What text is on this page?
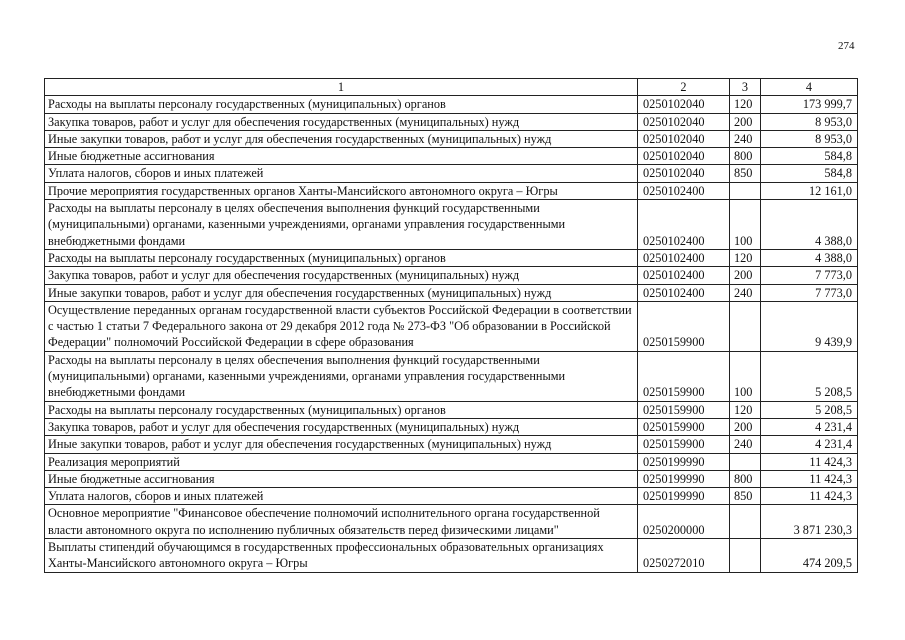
274
1	2	3	4
Расходы на выплаты персоналу государственных (муниципальных) органов	0250102040	120	173 999,7
Закупка товаров, работ и услуг для обеспечения государственных (муниципальных) нужд	0250102040	200	8 953,0
Иные закупки товаров, работ и услуг для обеспечения государственных (муниципальных) нужд	0250102040	240	8 953,0
Иные бюджетные ассигнования	0250102040	800	584,8
Уплата налогов, сборов и иных платежей	0250102040	850	584,8
Прочие мероприятия государственных органов Ханты-Мансийского автономного округа – Югры	0250102400		12 161,0
Расходы на выплаты персоналу в целях обеспечения выполнения функций государственными (муниципальными) органами, казенными учреждениями, органами управления государственными внебюджетными фондами	0250102400	100	4 388,0
Расходы на выплаты персоналу государственных (муниципальных) органов	0250102400	120	4 388,0
Закупка товаров, работ и услуг для обеспечения государственных (муниципальных) нужд	0250102400	200	7 773,0
Иные закупки товаров, работ и услуг для обеспечения государственных (муниципальных) нужд	0250102400	240	7 773,0
Осуществление переданных органам государственной власти субъектов Российской Федерации в соответствии с частью 1 статьи 7 Федерального закона от 29 декабря 2012 года № 273-ФЗ "Об образовании в Российской Федерации" полномочий Российской Федерации в сфере образования	0250159900		9 439,9
Расходы на выплаты персоналу в целях обеспечения выполнения функций государственными (муниципальными) органами, казенными учреждениями, органами управления государственными внебюджетными фондами	0250159900	100	5 208,5
Расходы на выплаты персоналу государственных (муниципальных) органов	0250159900	120	5 208,5
Закупка товаров, работ и услуг для обеспечения государственных (муниципальных) нужд	0250159900	200	4 231,4
Иные закупки товаров, работ и услуг для обеспечения государственных (муниципальных) нужд	0250159900	240	4 231,4
Реализация мероприятий	0250199990		11 424,3
Иные бюджетные ассигнования	0250199990	800	11 424,3
Уплата налогов, сборов и иных платежей	0250199990	850	11 424,3
Основное мероприятие "Финансовое обеспечение полномочий исполнительного органа государственной власти автономного округа по исполнению публичных обязательств перед физическими лицами"	0250200000		3 871 230,3
Выплаты стипендий обучающимся в государственных профессиональных образовательных организациях Ханты-Мансийского автономного округа – Югры	0250272010		474 209,5
